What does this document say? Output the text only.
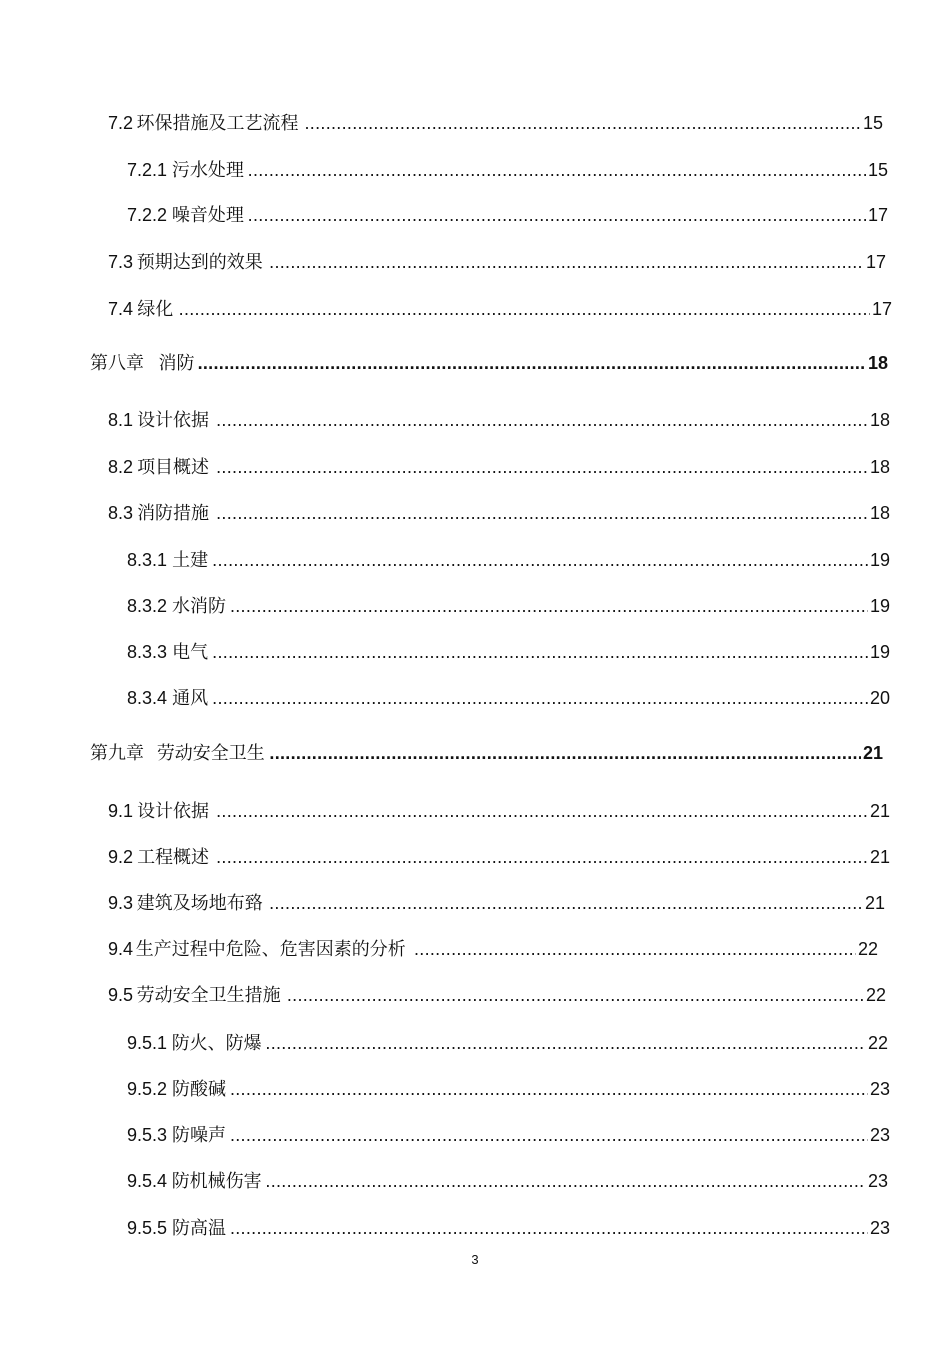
7.2 环保措施及工艺流程 .....	15
7.2.1 污水处理 .....	15
7.2.2 噪音处理 .....	17
7.3 预期达到的效果 .....	17
7.4 绿化 .....	17
第八章 消防 .....	18
8.1 设计依据 .....	18
8.2 项目概述 .....	18
8.3 消防措施 .....	18
8.3.1 土建 .....	19
8.3.2 水消防 .....	19
8.3.3 电气 .....	19
8.3.4 通风 .....	20
第九章 劳动安全卫生 .....	21
9.1 设计依据 .....	21
9.2 工程概述 .....	21
9.3 建筑及场地布臵 .....	21
9.4 生产过程中危险、危害因素的分析 .....	22
9.5 劳动安全卫生措施 .....	22
9.5.1 防火、防爆 .....	22
9.5.2 防酸碱 .....	23
9.5.3 防噪声 .....	23
9.5.4 防机械伤害 .....	23
9.5.5 防高温 .....	23
3
